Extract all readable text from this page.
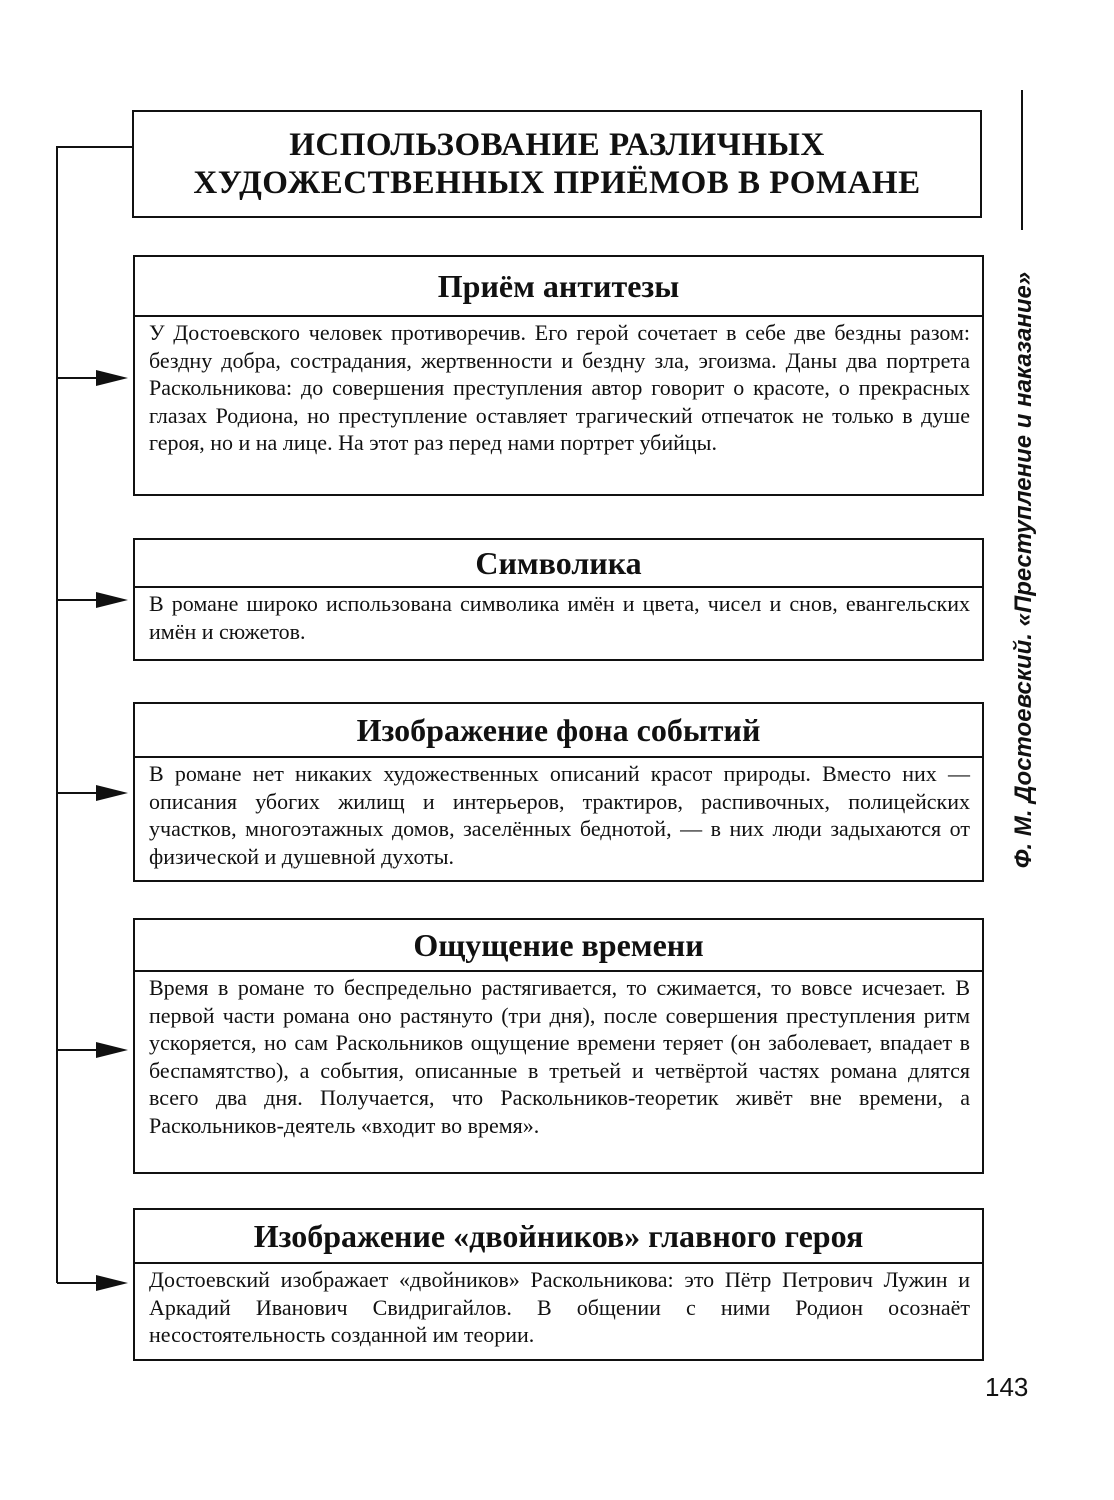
ИСПОЛЬЗОВАНИЕ РАЗЛИЧНЫХ
ХУДОЖЕСТВЕННЫХ ПРИЁМОВ В РОМАНЕ
Приём антитезы
У Достоевского человек противоречив. Его герой сочетает в себе две бездны разом: бездну добра, сострадания, жертвенности и бездну зла, эгоизма. Даны два портрета Раскольникова: до совершения преступления автор говорит о красоте, о прекрасных глазах Родиона, но преступление оставляет трагический отпечаток не только в душе героя, но и на лице. На этот раз перед нами портрет убийцы.
Символика
В романе широко использована символика имён и цвета, чисел и снов, евангельских имён и сюжетов.
Изображение фона событий
В романе нет никаких художественных описаний красот природы. Вместо них — описания убогих жилищ и интерьеров, трактиров, распивочных, полицейских участков, многоэтажных домов, заселённых беднотой, — в них люди задыхаются от физической и душевной духоты.
Ощущение времени
Время в романе то беспредельно растягивается, то сжимается, то вовсе исчезает. В первой части романа оно растянуто (три дня), после совершения преступления ритм ускоряется, но сам Раскольников ощущение времени теряет (он заболевает, впадает в беспамятство), а события, описанные в третьей и четвёртой частях романа длятся всего два дня. Получается, что Раскольников-теоретик живёт вне времени, а Раскольников-деятель «входит во время».
Изображение «двойников» главного героя
Достоевский изображает «двойников» Раскольникова: это Пётр Петрович Лужин и Аркадий Иванович Свидригайлов. В общении с ними Родион осознаёт несостоятельность созданной им теории.
Ф. М. Достоевский. «Преступление и наказание»
143
